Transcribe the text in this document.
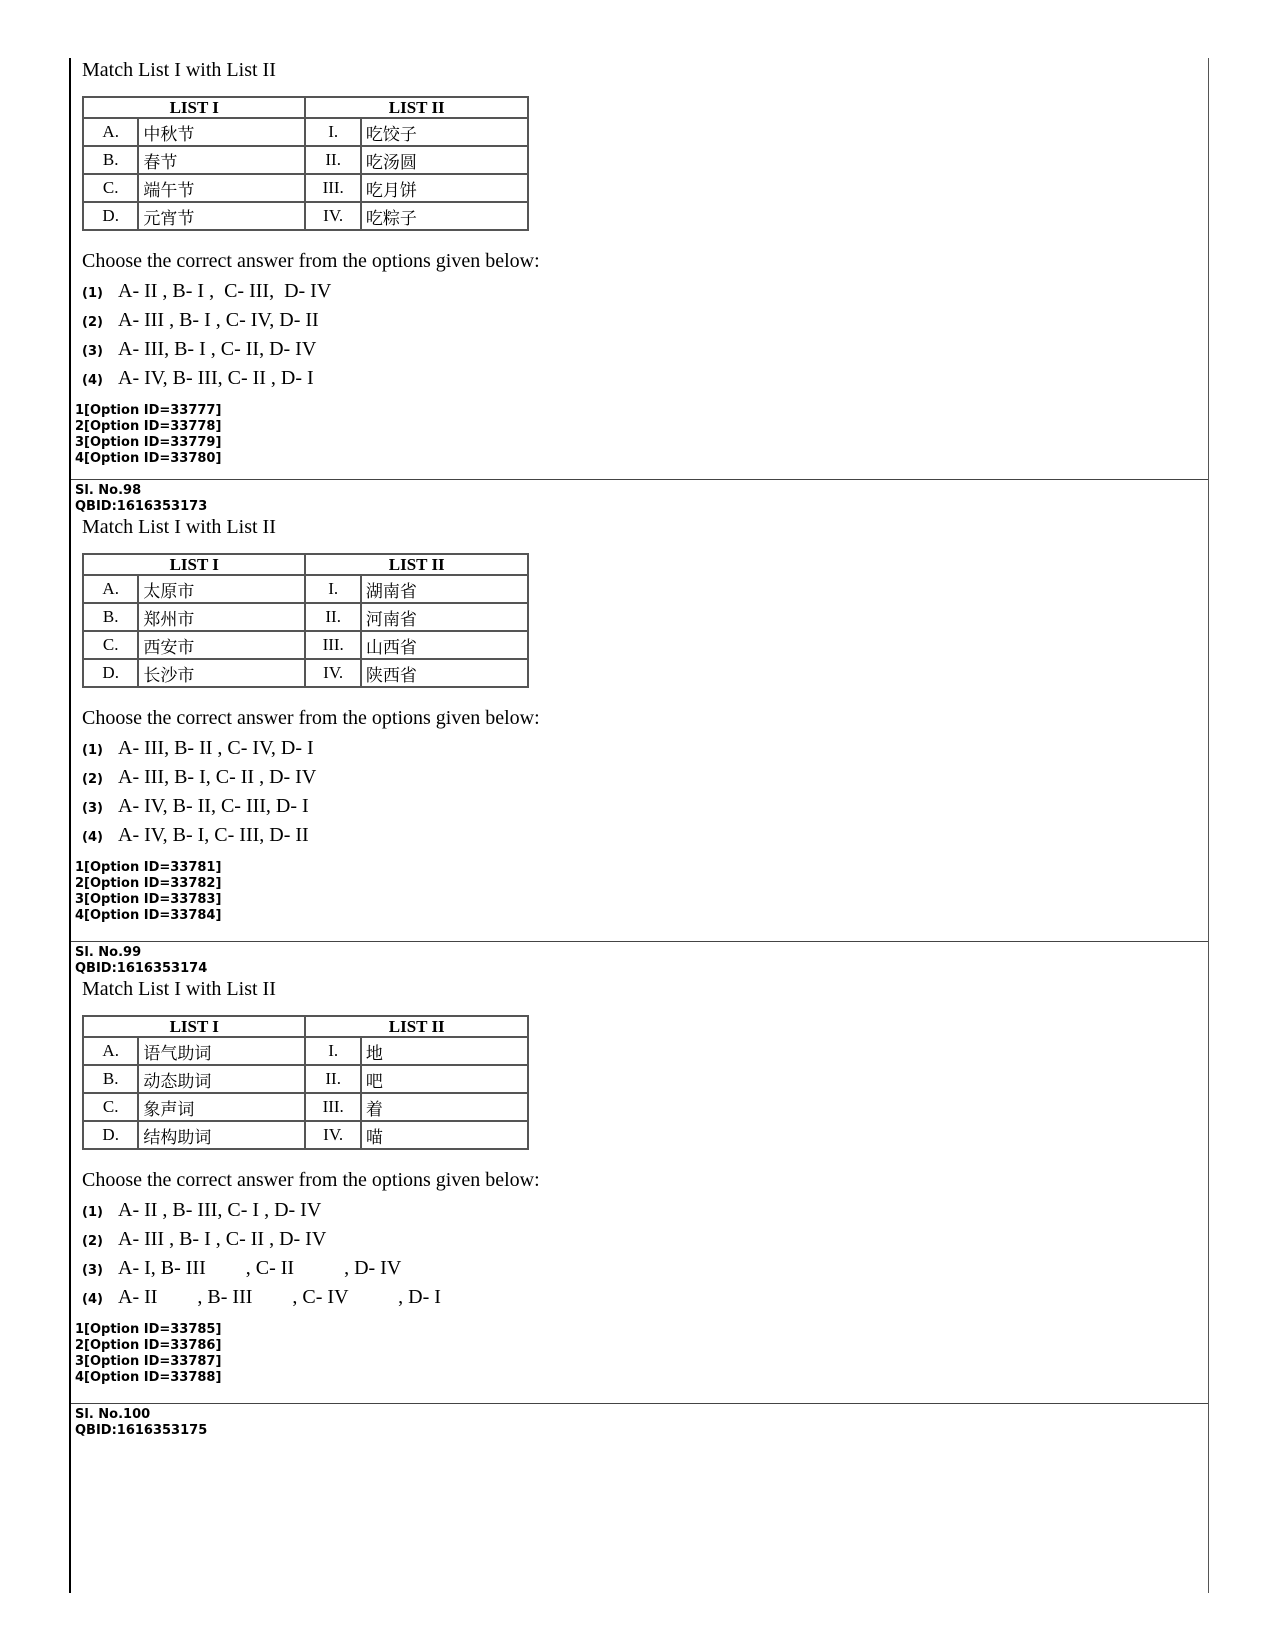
Match List I with List II
LIST I		LIST II	
A.	中秋节	I.	吃饺子
B.	春节	II.	吃汤圆
C.	端午节	III.	吃月饼
D.	元宵节	IV.	吃粽子
Choose the correct answer from the options given below:
(1) A- II , B- I ,  C- III,  D- IV
(2) A- III , B- I , C- IV, D- II
(3) A- III, B- I , C- II, D- IV
(4) A- IV, B- III, C- II , D- I
1[Option ID=33777]
2[Option ID=33778]
3[Option ID=33779]
4[Option ID=33780]
Sl. No.98
QBID:1616353173
Match List I with List II
LIST I		LIST II	
A.	太原市	I.	湖南省
B.	郑州市	II.	河南省
C.	西安市	III.	山西省
D.	长沙市	IV.	陕西省
Choose the correct answer from the options given below:
(1) A- III, B- II , C- IV, D- I
(2) A- III, B- I, C- II , D- IV
(3) A- IV, B- II, C- III, D- I
(4) A- IV, B- I, C- III, D- II
1[Option ID=33781]
2[Option ID=33782]
3[Option ID=33783]
4[Option ID=33784]
Sl. No.99
QBID:1616353174
Match List I with List II
LIST I		LIST II	
A.	语气助词	I.	地
B.	动态助词	II.	吧
C.	象声词	III.	着
D.	结构助词	IV.	喵
Choose the correct answer from the options given below:
(1) A- II , B- III, C- I , D- IV
(2) A- III , B- I , C- II , D- IV
(3) A- I, B- III        , C- II          , D- IV
(4) A- II        , B- III        , C- IV          , D- I
1[Option ID=33785]
2[Option ID=33786]
3[Option ID=33787]
4[Option ID=33788]
Sl. No.100
QBID:1616353175
